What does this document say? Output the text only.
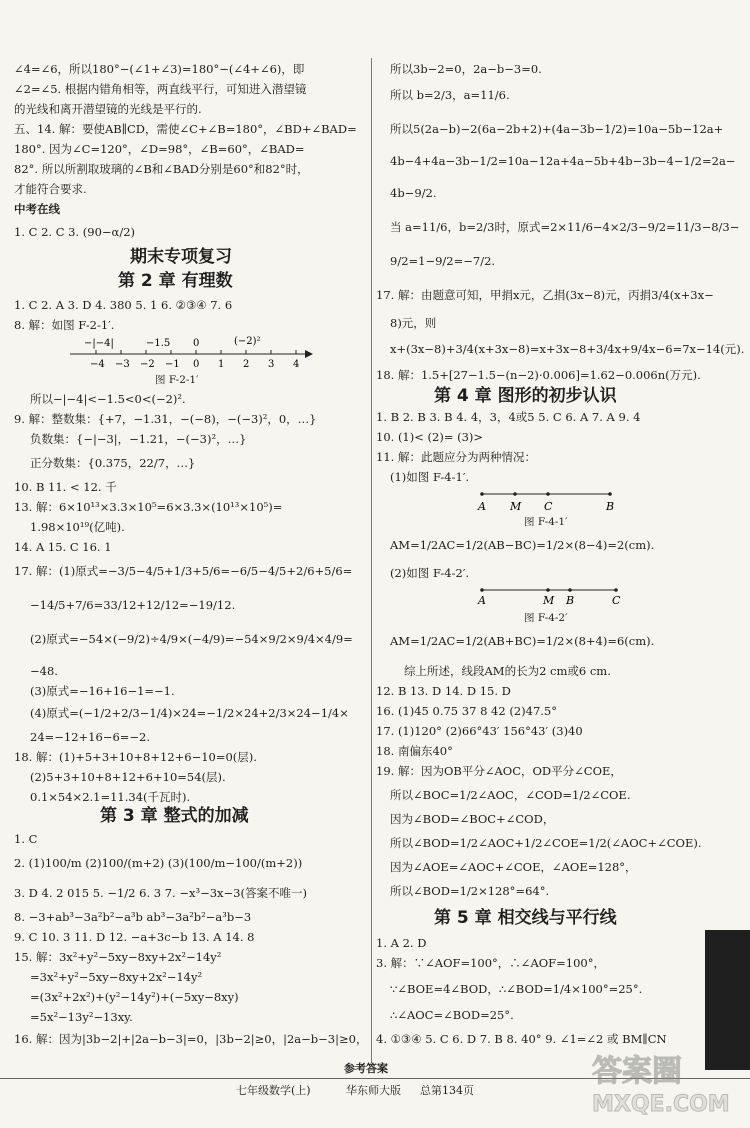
∠4=∠6，所以180°−(∠1+∠3)=180°−(∠4+∠6)，即
∠2=∠5. 根据内错角相等，两直线平行，可知进入潜望镜
的光线和离开潜望镜的光线是平行的.
五、14. 解：要使AB∥CD，需使∠C+∠B=180°，∠BD+∠BAD=
180°. 因为∠C=120°，∠D=98°，∠B=60°，∠BAD=
82°. 所以所割取玻璃的∠B和∠BAD分别是60°和82°时，
才能符合要求.
中考在线
1. C 2. C 3. (90−α/2)
期末专项复习
第 2 章 有理数
1. C 2. A 3. D 4. 380 5. 1 6. ②③④ 7. 6
8. 解：如图 F-2-1′.
−|−4|	−1.5 0	(−2)²
−4 −3 −2 −1 0 1 2 3 4
图 F-2-1′
所以−|−4|<−1.5<0<(−2)².
9. 解：整数集：{+7，−1.31，−(−8)，−(−3)²，0，…}
负数集：{−|−3|，−1.21，−(−3)²，…}
正分数集：{0.375，22/7，…}
10. B 11. < 12. 千
13. 解：6×10¹³×3.3×10⁵=6×3.3×(10¹³×10⁵)=
1.98×10¹⁹(亿吨).
14. A 15. C 16. 1
17. 解：(1)原式=−3/5−4/5+1/3+5/6=−6/5−4/5+2/6+5/6=
−14/5+7/6=33/12+12/12=−19/12.
(2)原式=−54×(−9/2)÷4/9×(−4/9)=−54×9/2×9/4×4/9=
−48.
(3)原式=−16+16−1=−1.
(4)原式=(−1/2+2/3−1/4)×24=−1/2×24+2/3×24−1/4×
24=−12+16−6=−2.
18. 解：(1)+5+3+10+8+12+6−10=0(层).
(2)5+3+10+8+12+6+10=54(层).
0.1×54×2.1=11.34(千瓦时).
第 3 章 整式的加减
1. C
2. (1)100/m (2)100/(m+2) (3)(100/m−100/(m+2))
3. D 4. 2 015 5. −1/2 6. 3 7. −x³−3x−3(答案不唯一)
8. −3+ab³−3a²b²−a³b ab³−3a²b²−a³b−3
9. C 10. 3 11. D 12. −a+3c−b 13. A 14. 8
15. 解：3x²+y²−5xy−8xy+2x²−14y²
=3x²+y²−5xy−8xy+2x²−14y²
=(3x²+2x²)+(y²−14y²)+(−5xy−8xy)
=5x²−13y²−13xy.
16. 解：因为|3b−2|+|2a−b−3|=0，|3b−2|≥0，|2a−b−3|≥0，
所以3b−2=0，2a−b−3=0.
所以 b=2/3，a=11/6.
所以5(2a−b)−2(6a−2b+2)+(4a−3b−1/2)=10a−5b−12a+
4b−4+4a−3b−1/2=10a−12a+4a−5b+4b−3b−4−1/2=2a−
4b−9/2.
当 a=11/6，b=2/3时，原式=2×11/6−4×2/3−9/2=11/3−8/3−
9/2=1−9/2=−7/2.
17. 解：由题意可知，甲捐x元，乙捐(3x−8)元，丙捐3/4(x+3x−
8)元，则
x+(3x−8)+3/4(x+3x−8)=x+3x−8+3/4x+9/4x−6=7x−14(元).
18. 解：1.5+[27−1.5−(n−2)·0.006]=1.62−0.006n(万元).
第 4 章 图形的初步认识
1. B 2. B 3. B 4. 4，3，4或5 5. C 6. A 7. A 9. 4
10. (1)< (2)= (3)>
11. 解：此题应分为两种情况：
(1)如图 F-4-1′.
A M C	B
图 F-4-1′
AM=1/2AC=1/2(AB−BC)=1/2×(8−4)=2(cm).
(2)如图 F-4-2′.
A	M B	C
图 F-4-2′
AM=1/2AC=1/2(AB+BC)=1/2×(8+4)=6(cm).
综上所述，线段AM的长为2 cm或6 cm.
12. B 13. D 14. D 15. D
16. (1)45 0.75 37 8 42 (2)47.5°
17. (1)120° (2)66°43′ 156°43′ (3)40
18. 南偏东40°
19. 解：因为OB平分∠AOC，OD平分∠COE，
所以∠BOC=1/2∠AOC，∠COD=1/2∠COE.
因为∠BOD=∠BOC+∠COD，
所以∠BOD=1/2∠AOC+1/2∠COE=1/2(∠AOC+∠COE).
因为∠AOE=∠AOC+∠COE，∠AOE=128°，
所以∠BOD=1/2×128°=64°.
第 5 章 相交线与平行线
1. A 2. D
3. 解：∵∠AOF=100°，∴∠AOF=100°，
∵∠BOE=4∠BOD，∴∠BOD=1/4×100°=25°.
∴∠AOC=∠BOD=25°.
4. ①③④ 5. C 6. D 7. B 8. 40° 9. ∠1=∠2 或 BM∥CN
参考答案
七年级数学(上)	华东师大版 总第134页
答案圈
MXQE.COM
